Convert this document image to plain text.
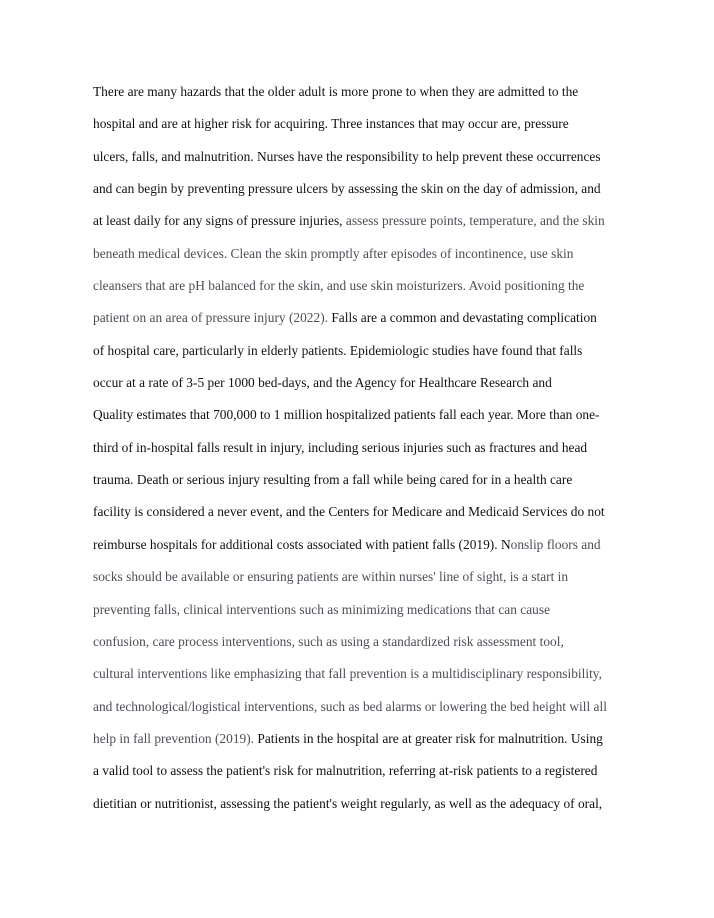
There are many hazards that the older adult is more prone to when they are admitted to the
hospital and are at higher risk for acquiring. Three instances that may occur are, pressure
ulcers, falls, and malnutrition. Nurses have the responsibility to help prevent these occurrences
and can begin by preventing pressure ulcers by assessing the skin on the day of admission, and
at least daily for any signs of pressure injuries, assess pressure points, temperature, and the skin
beneath medical devices. Clean the skin promptly after episodes of incontinence, use skin
cleansers that are pH balanced for the skin, and use skin moisturizers. Avoid positioning the
patient on an area of pressure injury (2022). Falls are a common and devastating complication
of hospital care, particularly in elderly patients. Epidemiologic studies have found that falls
occur at a rate of 3-5 per 1000 bed-days, and the Agency for Healthcare Research and
Quality estimates that 700,000 to 1 million hospitalized patients fall each year. More than one-
third of in-hospital falls result in injury, including serious injuries such as fractures and head
trauma. Death or serious injury resulting from a fall while being cared for in a health care
facility is considered a never event, and the Centers for Medicare and Medicaid Services do not
reimburse hospitals for additional costs associated with patient falls (2019). Nonslip floors and
socks should be available or ensuring patients are within nurses' line of sight, is a start in
preventing falls, clinical interventions such as minimizing medications that can cause
confusion, care process interventions, such as using a standardized risk assessment tool,
cultural interventions like emphasizing that fall prevention is a multidisciplinary responsibility,
and technological/logistical interventions, such as bed alarms or lowering the bed height will all
help in fall prevention (2019). Patients in the hospital are at greater risk for malnutrition. Using
a valid tool to assess the patient's risk for malnutrition, referring at-risk patients to a registered
dietitian or nutritionist, assessing the patient's weight regularly, as well as the adequacy of oral,
